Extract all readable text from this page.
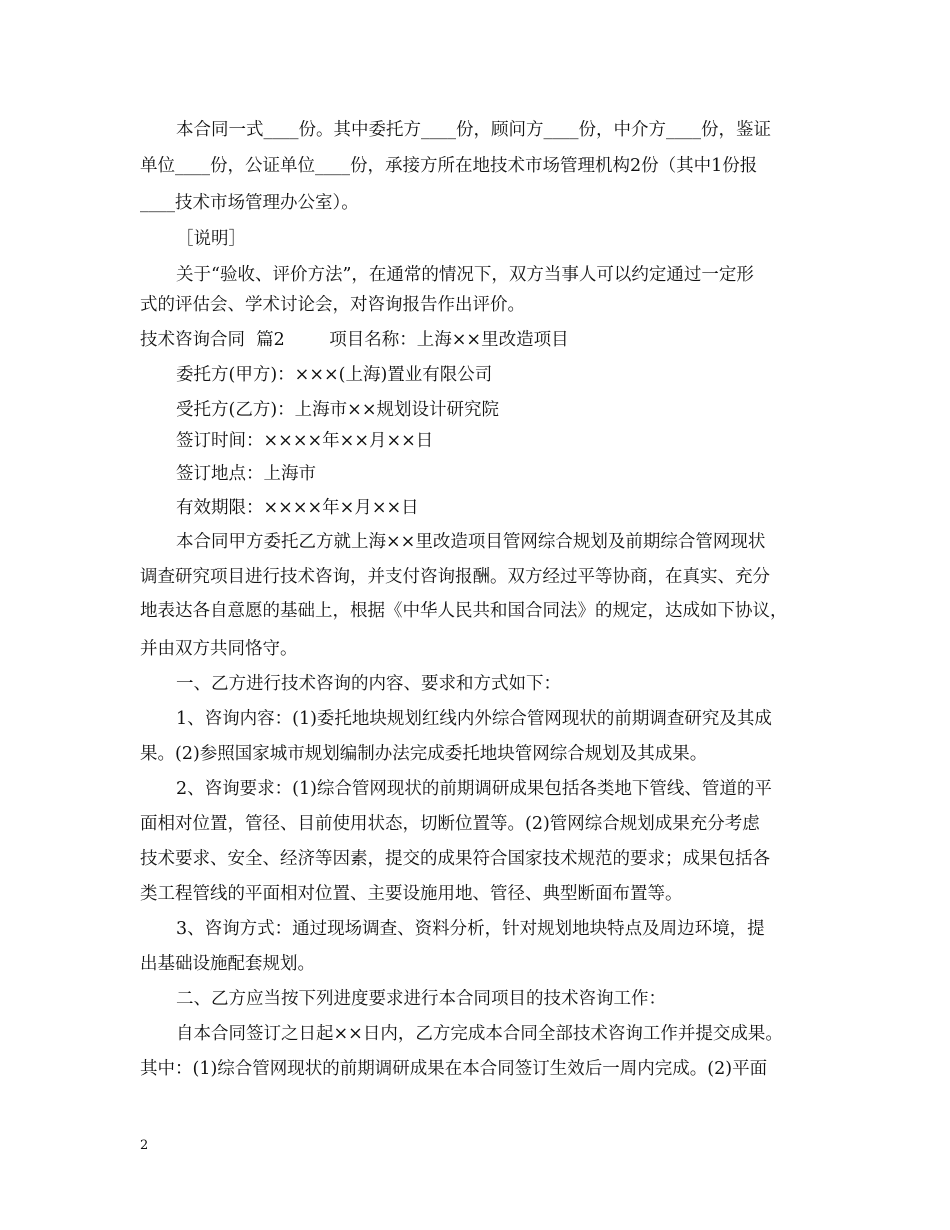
本合同一式____份。其中委托方____份，顾问方____份，中介方____份，鉴证
单位____份，公证单位____份，承接方所在地技术市场管理机构2份（其中1份报
____技术市场管理办公室）。
［说明］
关于“验收、评价方法”，在通常的情况下，双方当事人可以约定通过一定形
式的评估会、学术讨论会，对咨询报告作出评价。
技术咨询合同  篇2        项目名称：上海××里改造项目
委托方(甲方)：×××(上海)置业有限公司
受托方(乙方)：上海市××规划设计研究院
签订时间：××××年××月××日
签订地点：上海市
有效期限：××××年×月××日
本合同甲方委托乙方就上海××里改造项目管网综合规划及前期综合管网现状
调查研究项目进行技术咨询，并支付咨询报酬。双方经过平等协商，在真实、充分
地表达各自意愿的基础上，根据《中华人民共和国合同法》的规定，达成如下协议，
并由双方共同恪守。
一、乙方进行技术咨询的内容、要求和方式如下：
1、咨询内容：(1)委托地块规划红线内外综合管网现状的前期调查研究及其成
果。(2)参照国家城市规划编制办法完成委托地块管网综合规划及其成果。
2、咨询要求：(1)综合管网现状的前期调研成果包括各类地下管线、管道的平
面相对位置，管径、目前使用状态，切断位置等。(2)管网综合规划成果充分考虑
技术要求、安全、经济等因素，提交的成果符合国家技术规范的要求；成果包括各
类工程管线的平面相对位置、主要设施用地、管径、典型断面布置等。
3、咨询方式：通过现场调查、资料分析，针对规划地块特点及周边环境，提
出基础设施配套规划。
二、乙方应当按下列进度要求进行本合同项目的技术咨询工作：
自本合同签订之日起××日内，乙方完成本合同全部技术咨询工作并提交成果。
其中：(1)综合管网现状的前期调研成果在本合同签订生效后一周内完成。(2)平面
2
